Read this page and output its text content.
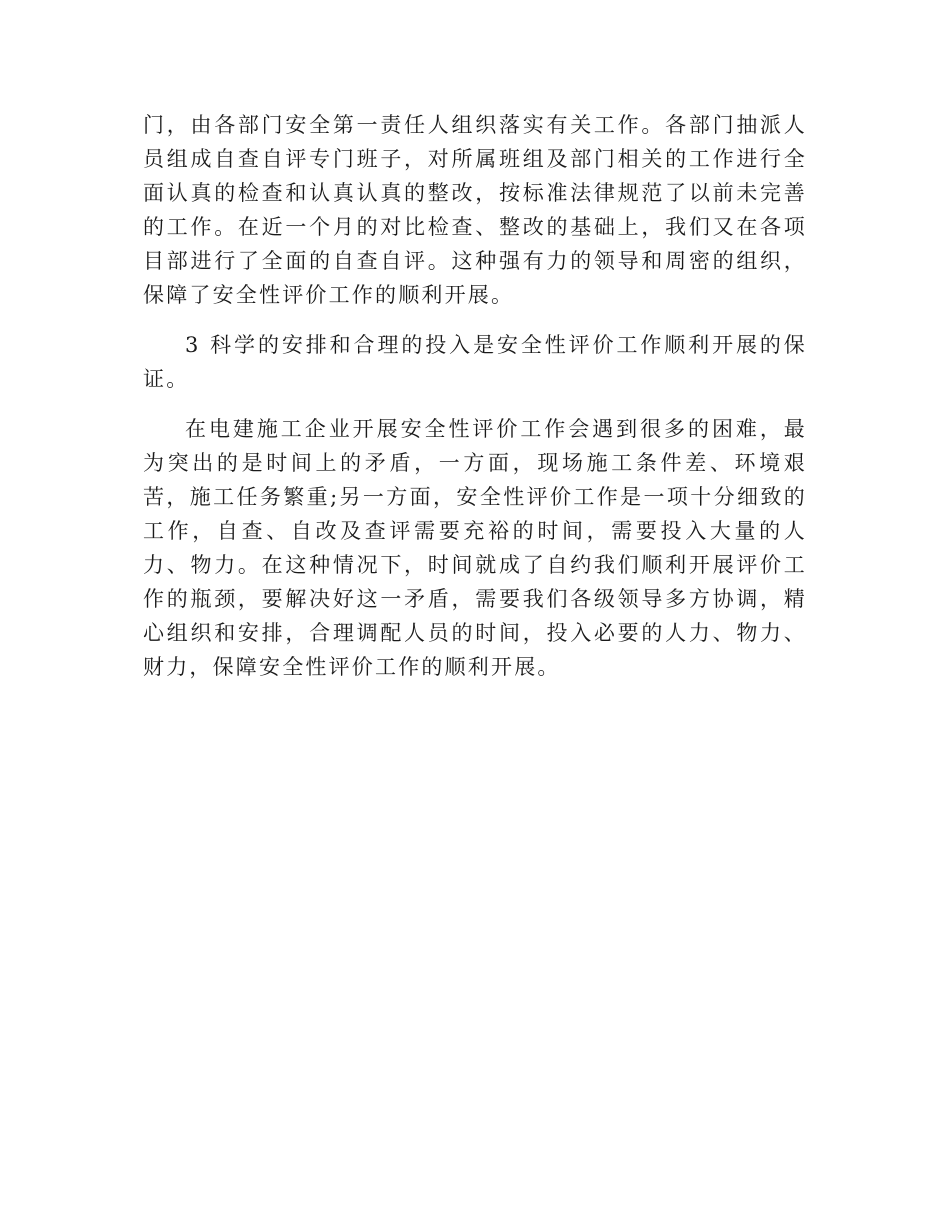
门，由各部门安全第一责任人组织落实有关工作。各部门抽派人员组成自查自评专门班子，对所属班组及部门相关的工作进行全面认真的检查和认真认真的整改，按标准法律规范了以前未完善的工作。在近一个月的对比检查、整改的基础上，我们又在各项目部进行了全面的自查自评。这种强有力的领导和周密的组织，保障了安全性评价工作的顺利开展。

3 科学的安排和合理的投入是安全性评价工作顺利开展的保证。

在电建施工企业开展安全性评价工作会遇到很多的困难，最为突出的是时间上的矛盾，一方面，现场施工条件差、环境艰苦，施工任务繁重;另一方面，安全性评价工作是一项十分细致的工作，自查、自改及查评需要充裕的时间，需要投入大量的人力、物力。在这种情况下，时间就成了自约我们顺利开展评价工作的瓶颈，要解决好这一矛盾，需要我们各级领导多方协调，精心组织和安排，合理调配人员的时间，投入必要的人力、物力、财力，保障安全性评价工作的顺利开展。
